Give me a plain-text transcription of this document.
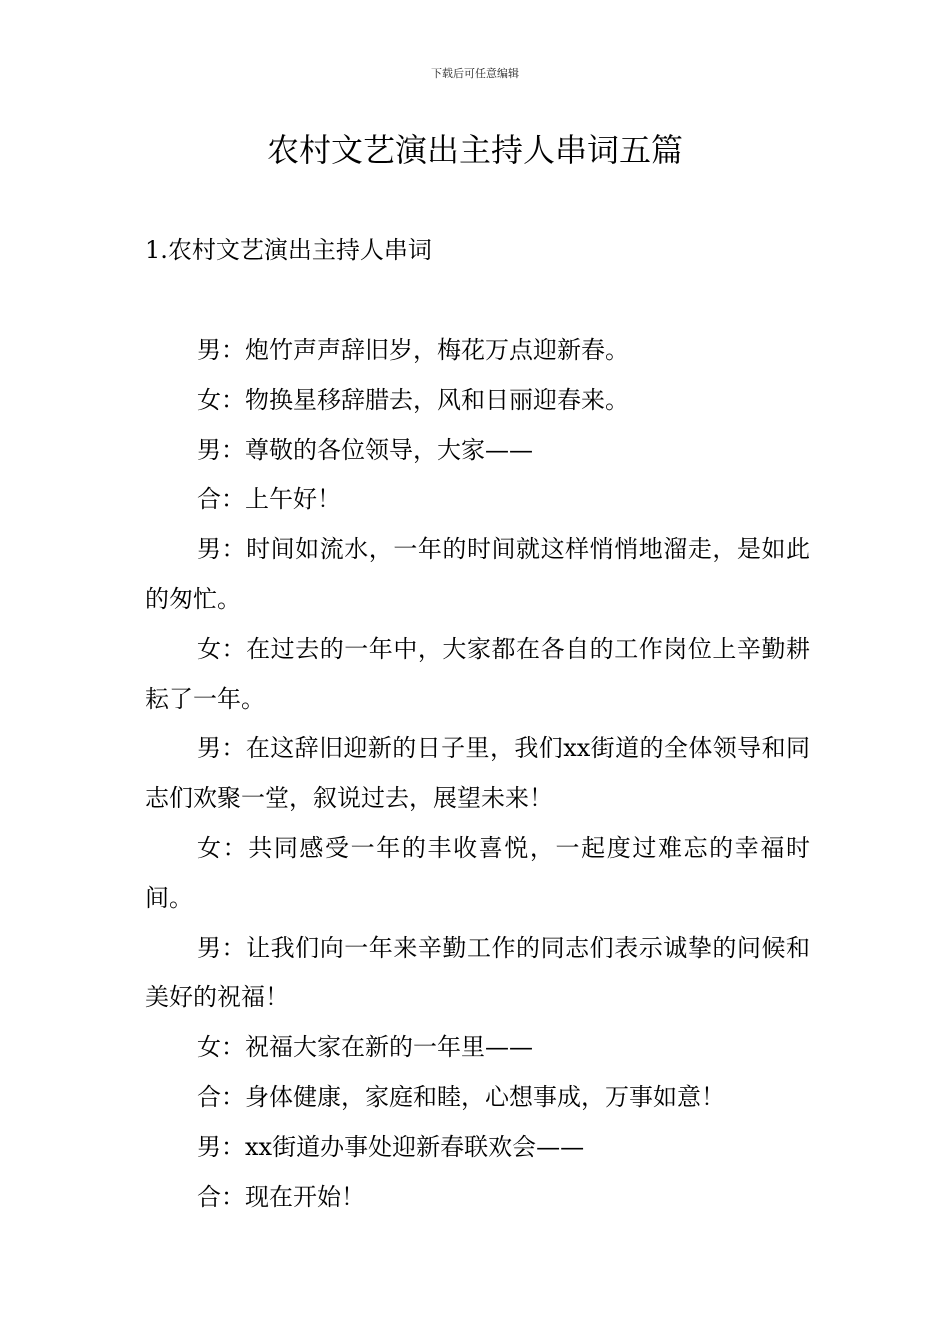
下载后可任意编辑
农村文艺演出主持人串词五篇
1.农村文艺演出主持人串词

男：炮竹声声辞旧岁，梅花万点迎新春。

女：物换星移辞腊去，风和日丽迎春来。

男：尊敬的各位领导，大家——

合：上午好！

男：时间如流水，一年的时间就这样悄悄地溜走，是如此的匆忙。

女：在过去的一年中，大家都在各自的工作岗位上辛勤耕耘了一年。

男：在这辞旧迎新的日子里，我们xx街道的全体领导和同志们欢聚一堂，叙说过去，展望未来！

女：共同感受一年的丰收喜悦，一起度过难忘的幸福时间。

男：让我们向一年来辛勤工作的同志们表示诚挚的问候和美好的祝福！

女：祝福大家在新的一年里——

合：身体健康，家庭和睦，心想事成，万事如意！

男：xx街道办事处迎新春联欢会——

合：现在开始！
